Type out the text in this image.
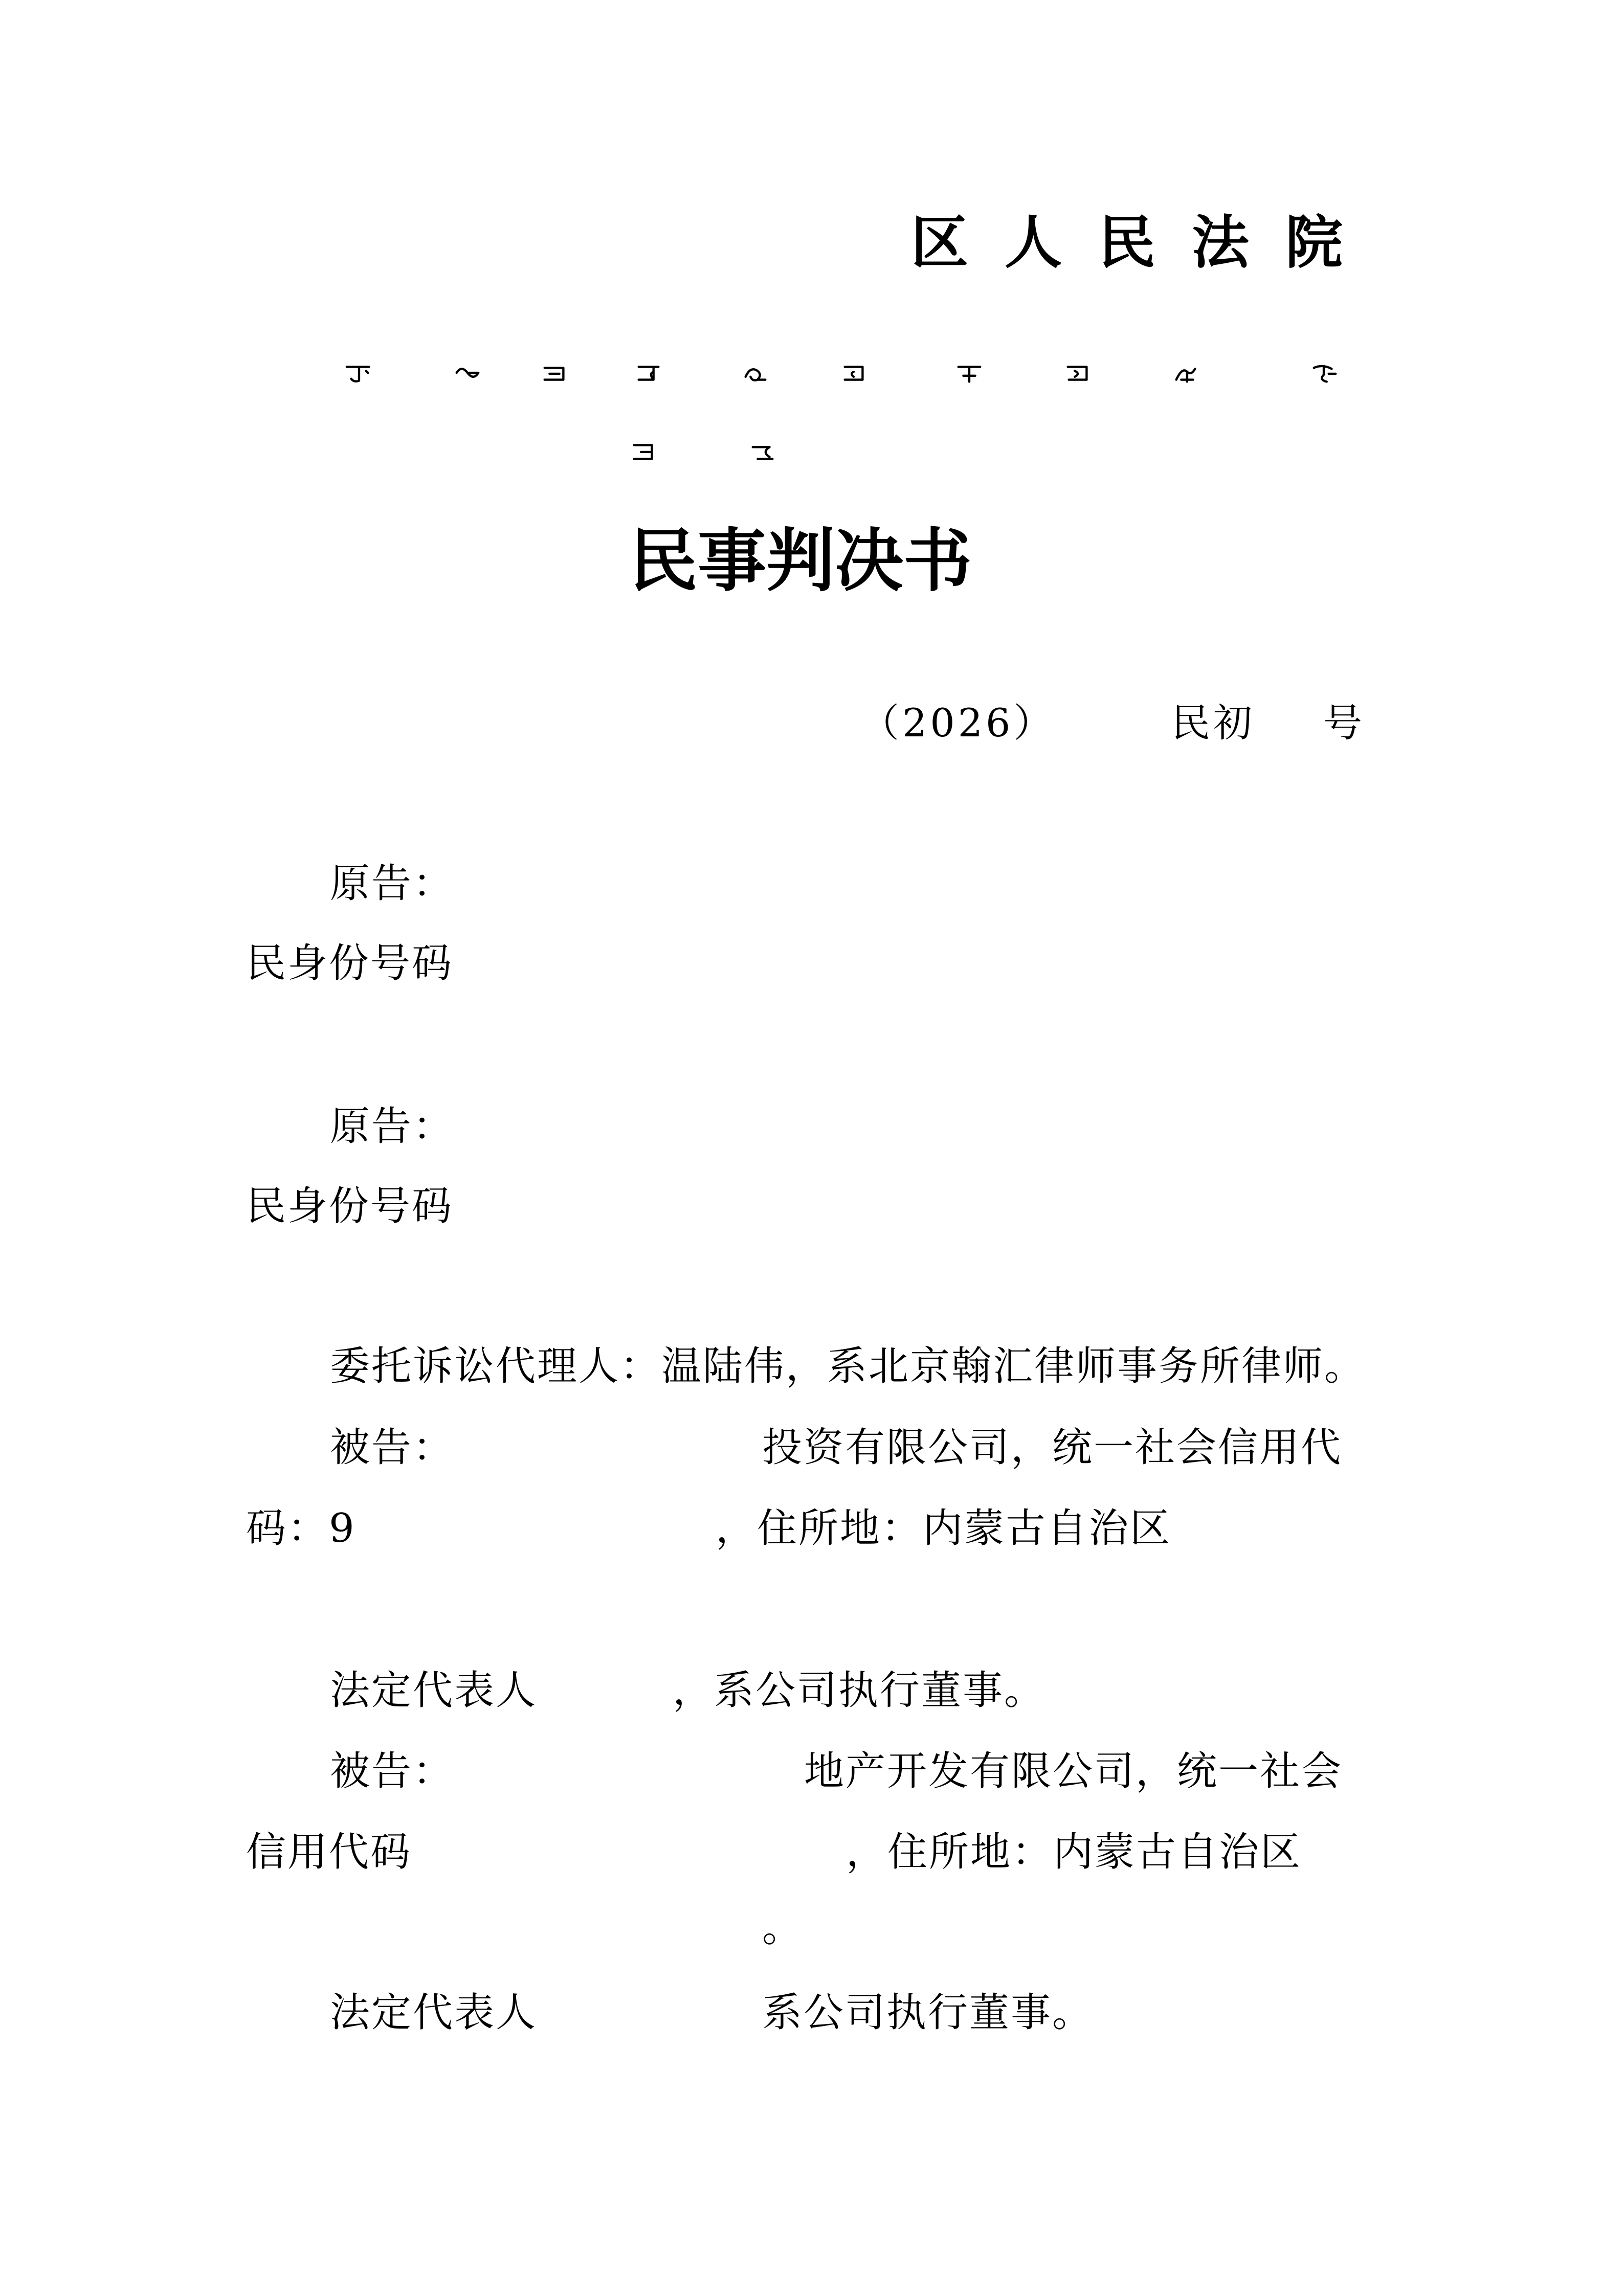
区 人 民 法 院
民事判决书
（2026）	民初 号
原告：
民身份号码
原告：
民身份号码
委托诉讼代理人：温陆伟，系北京翰汇律师事务所律师。
被告：	投资有限公司，统一社会信用代
码：9	，住所地：内蒙古自治区
法定代表人	，系公司执行董事。
被告：	地产开发有限公司，统一社会
信用代码	，住所地：内蒙古自治区
。
法定代表人	系公司执行董事。
